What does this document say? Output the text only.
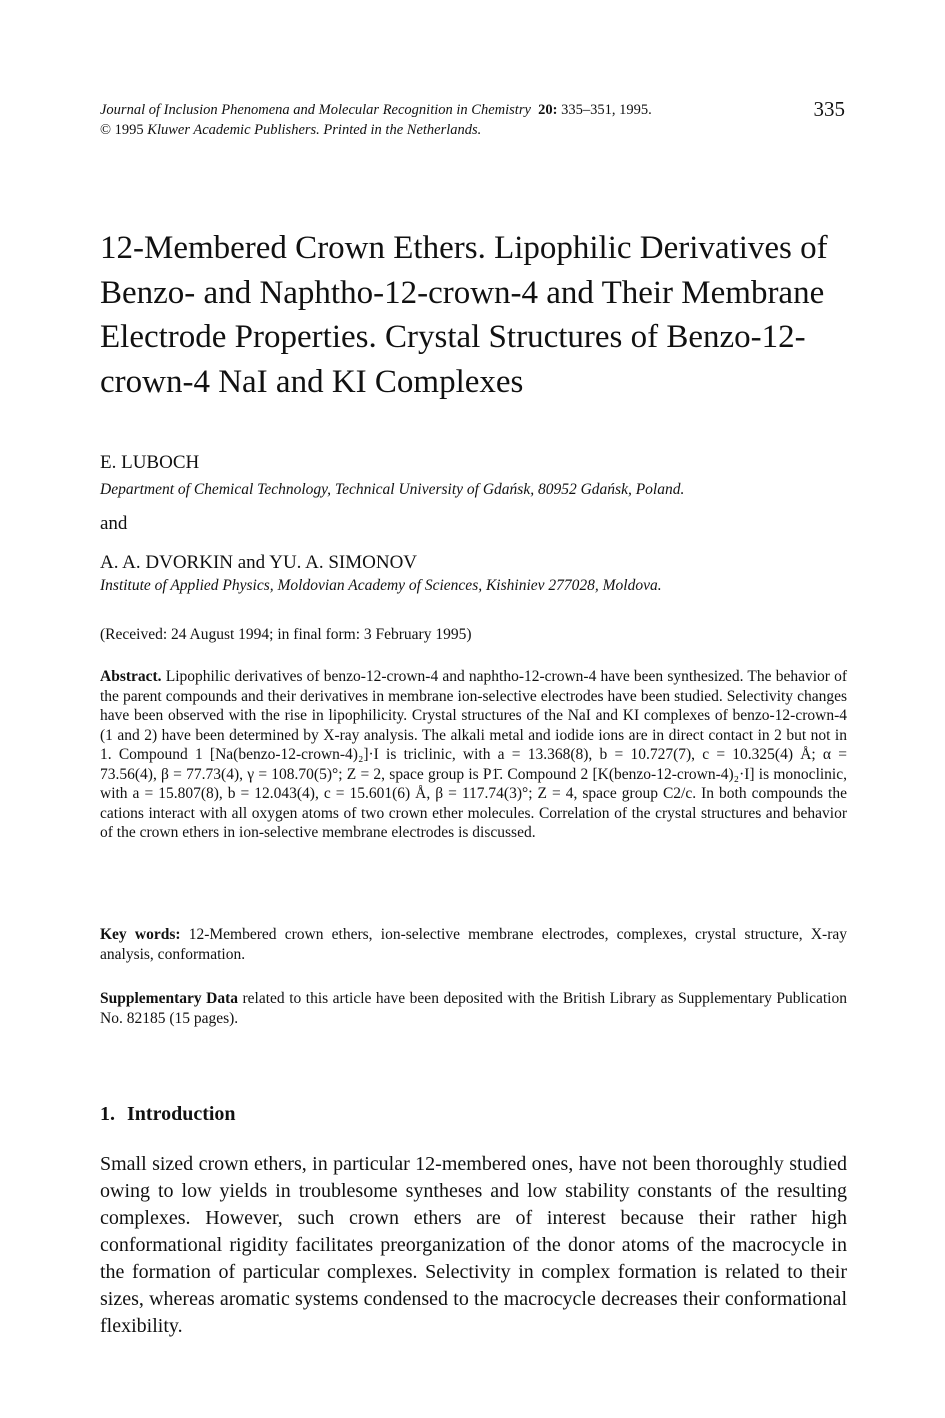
Journal of Inclusion Phenomena and Molecular Recognition in Chemistry 20: 335–351, 1995.
© 1995 Kluwer Academic Publishers. Printed in the Netherlands.
335
12-Membered Crown Ethers. Lipophilic Derivatives of Benzo- and Naphtho-12-crown-4 and Their Membrane Electrode Properties. Crystal Structures of Benzo-12-crown-4 NaI and KI Complexes
E. LUBOCH
Department of Chemical Technology, Technical University of Gdańsk, 80952 Gdańsk, Poland.
and
A. A. DVORKIN and YU. A. SIMONOV
Institute of Applied Physics, Moldovian Academy of Sciences, Kishiniev 277028, Moldova.
(Received: 24 August 1994; in final form: 3 February 1995)
Abstract. Lipophilic derivatives of benzo-12-crown-4 and naphtho-12-crown-4 have been synthesized. The behavior of the parent compounds and their derivatives in membrane ion-selective electrodes have been studied. Selectivity changes have been observed with the rise in lipophilicity. Crystal structures of the NaI and KI complexes of benzo-12-crown-4 (1 and 2) have been determined by X-ray analysis. The alkali metal and iodide ions are in direct contact in 2 but not in 1. Compound 1 [Na(benzo-12-crown-4)₂]·I is triclinic, with a = 13.368(8), b = 10.727(7), c = 10.325(4) Å; α = 73.56(4), β = 77.73(4), γ = 108.70(5)°; Z = 2, space group is P1̄. Compound 2 [K(benzo-12-crown-4)₂·I] is monoclinic, with a = 15.807(8), b = 12.043(4), c = 15.601(6) Å, β = 117.74(3)°; Z = 4, space group C2/c. In both compounds the cations interact with all oxygen atoms of two crown ether molecules. Correlation of the crystal structures and behavior of the crown ethers in ion-selective membrane electrodes is discussed.
Key words: 12-Membered crown ethers, ion-selective membrane electrodes, complexes, crystal structure, X-ray analysis, conformation.
Supplementary Data related to this article have been deposited with the British Library as Supplementary Publication No. 82185 (15 pages).
1. Introduction
Small sized crown ethers, in particular 12-membered ones, have not been thoroughly studied owing to low yields in troublesome syntheses and low stability constants of the resulting complexes. However, such crown ethers are of interest because their rather high conformational rigidity facilitates preorganization of the donor atoms of the macrocycle in the formation of particular complexes. Selectivity in complex formation is related to their sizes, whereas aromatic systems condensed to the macrocycle decreases their conformational flexibility.
